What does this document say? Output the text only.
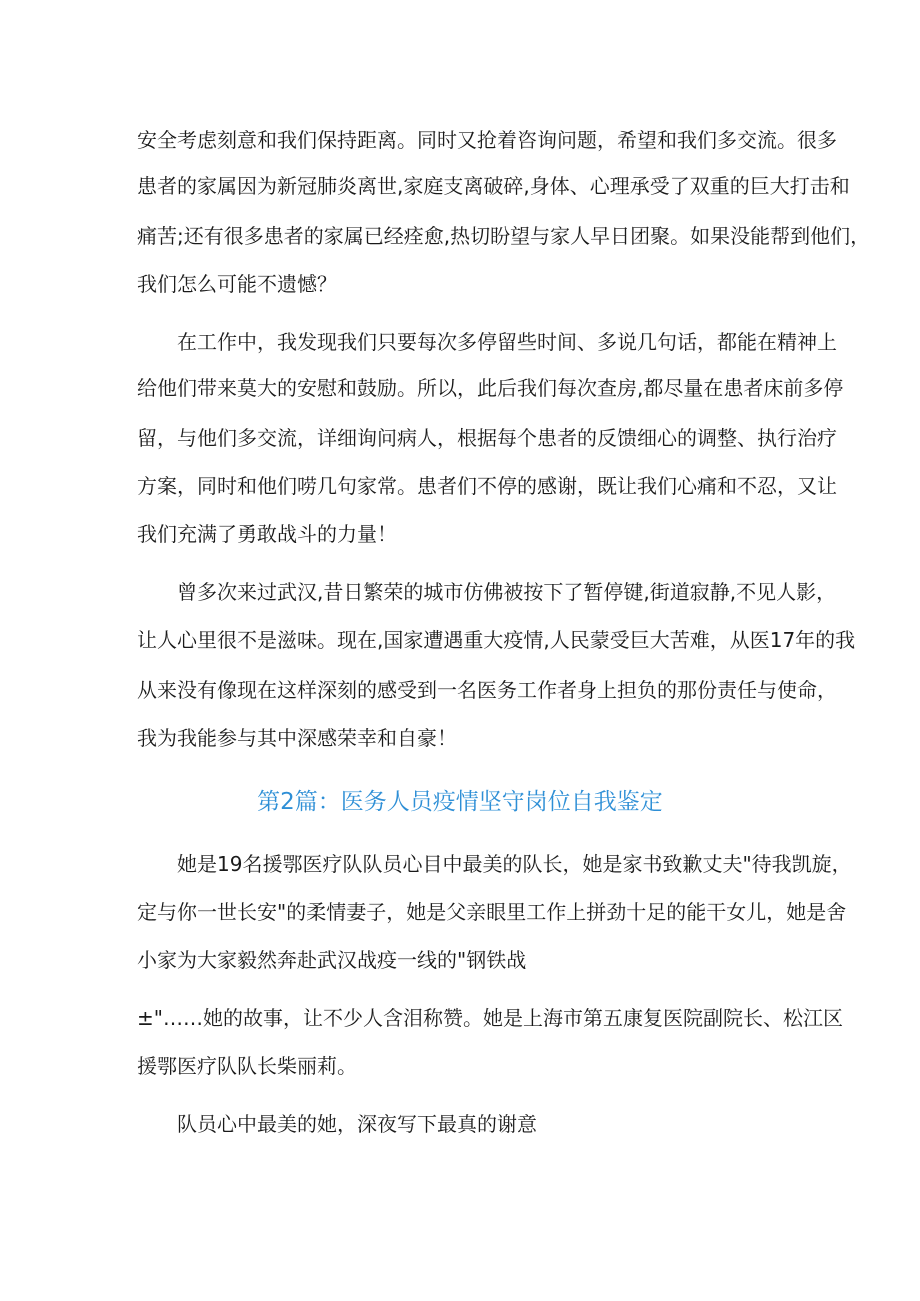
安全考虑刻意和我们保持距离。同时又抢着咨询问题，希望和我们多交流。很多
患者的家属因为新冠肺炎离世,家庭支离破碎,身体、心理承受了双重的巨大打击和
痛苦;还有很多患者的家属已经痊愈,热切盼望与家人早日团聚。如果没能帮到他们，
我们怎么可能不遗憾？
在工作中，我发现我们只要每次多停留些时间、多说几句话，都能在精神上
给他们带来莫大的安慰和鼓励。所以，此后我们每次查房,都尽量在患者床前多停
留，与他们多交流，详细询问病人，根据每个患者的反馈细心的调整、执行治疗
方案，同时和他们唠几句家常。患者们不停的感谢，既让我们心痛和不忍，又让
我们充满了勇敢战斗的力量！
曾多次来过武汉,昔日繁荣的城市仿佛被按下了暂停键,街道寂静,不见人影，
让人心里很不是滋味。现在,国家遭遇重大疫情,人民蒙受巨大苦难，从医17年的我
从来没有像现在这样深刻的感受到一名医务工作者身上担负的那份责任与使命，
我为我能参与其中深感荣幸和自豪！
第2篇：医务人员疫情坚守岗位自我鉴定
她是19名援鄂医疗队队员心目中最美的队长，她是家书致歉丈夫"待我凯旋，
定与你一世长安"的柔情妻子，她是父亲眼里工作上拼劲十足的能干女儿，她是舍
小家为大家毅然奔赴武汉战疫一线的"钢铁战
±"……她的故事，让不少人含泪称赞。她是上海市第五康复医院副院长、松江区
援鄂医疗队队长柴丽莉。
队员心中最美的她，深夜写下最真的谢意
